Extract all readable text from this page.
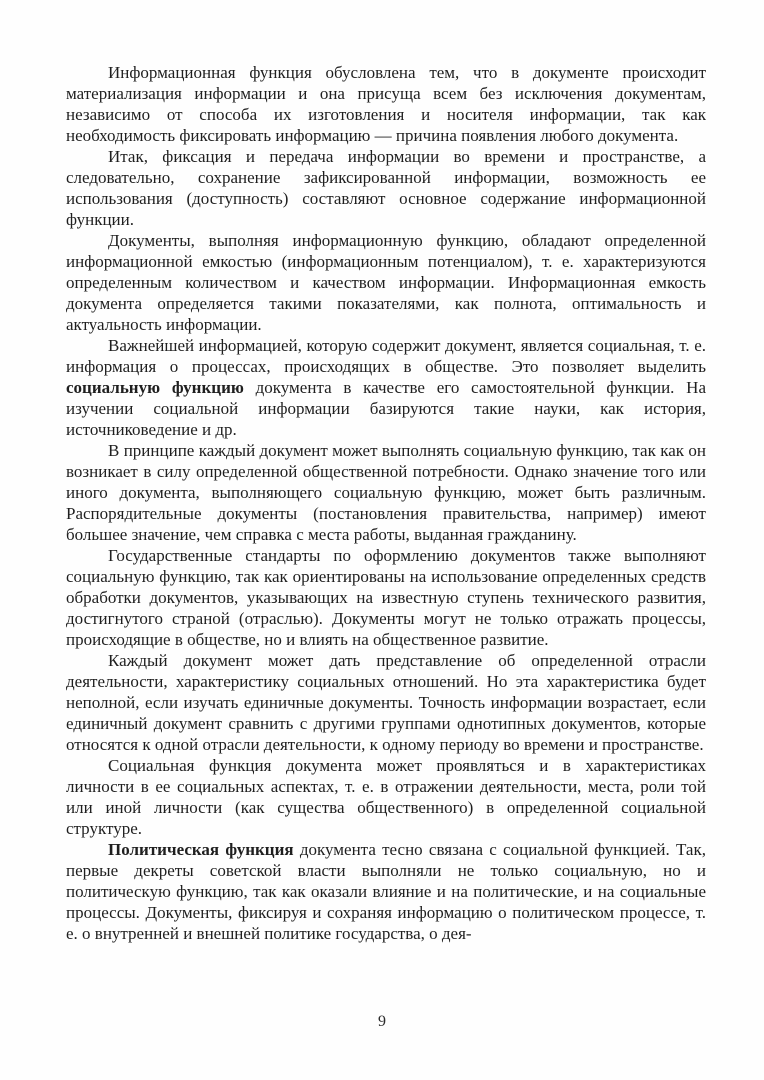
Информационная функция обусловлена тем, что в документе происходит материализация информации и она присуща всем без исключения документам, независимо от способа их изготовления и носителя информации, так как необходимость фиксировать информацию — причина появления любого документа.

Итак, фиксация и передача информации во времени и пространстве, а следовательно, сохранение зафиксированной информации, возможность ее использования (доступность) составляют основное содержание информационной функции.

Документы, выполняя информационную функцию, обладают определенной информационной емкостью (информационным потенциалом), т. е. характеризуются определенным количеством и качеством информации. Информационная емкость документа определяется такими показателями, как полнота, оптимальность и актуальность информации.

Важнейшей информацией, которую содержит документ, является социальная, т. е. информация о процессах, происходящих в обществе. Это позволяет выделить социальную функцию документа в качестве его самостоятельной функции. На изучении социальной информации базируются такие науки, как история, источниковедение и др.

В принципе каждый документ может выполнять социальную функцию, так как он возникает в силу определенной общественной потребности. Однако значение того или иного документа, выполняющего социальную функцию, может быть различным. Распорядительные документы (постановления правительства, например) имеют большее значение, чем справка с места работы, выданная гражданину.

Государственные стандарты по оформлению документов также выполняют социальную функцию, так как ориентированы на использование определенных средств обработки документов, указывающих на известную ступень технического развития, достигнутого страной (отраслью). Документы могут не только отражать процессы, происходящие в обществе, но и влиять на общественное развитие.

Каждый документ может дать представление об определенной отрасли деятельности, характеристику социальных отношений. Но эта характеристика будет неполной, если изучать единичные документы. Точность информации возрастает, если единичный документ сравнить с другими группами однотипных документов, которые относятся к одной отрасли деятельности, к одному периоду во времени и пространстве.

Социальная функция документа может проявляться и в характеристиках личности в ее социальных аспектах, т. е. в отражении деятельности, места, роли той или иной личности (как существа общественного) в определенной социальной структуре.

Политическая функция документа тесно связана с социальной функцией. Так, первые декреты советской власти выполняли не только социальную, но и политическую функцию, так как оказали влияние и на политические, и на социальные процессы. Документы, фиксируя и сохраняя информацию о политическом процессе, т. е. о внутренней и внешней политике государства, о дея-

9
